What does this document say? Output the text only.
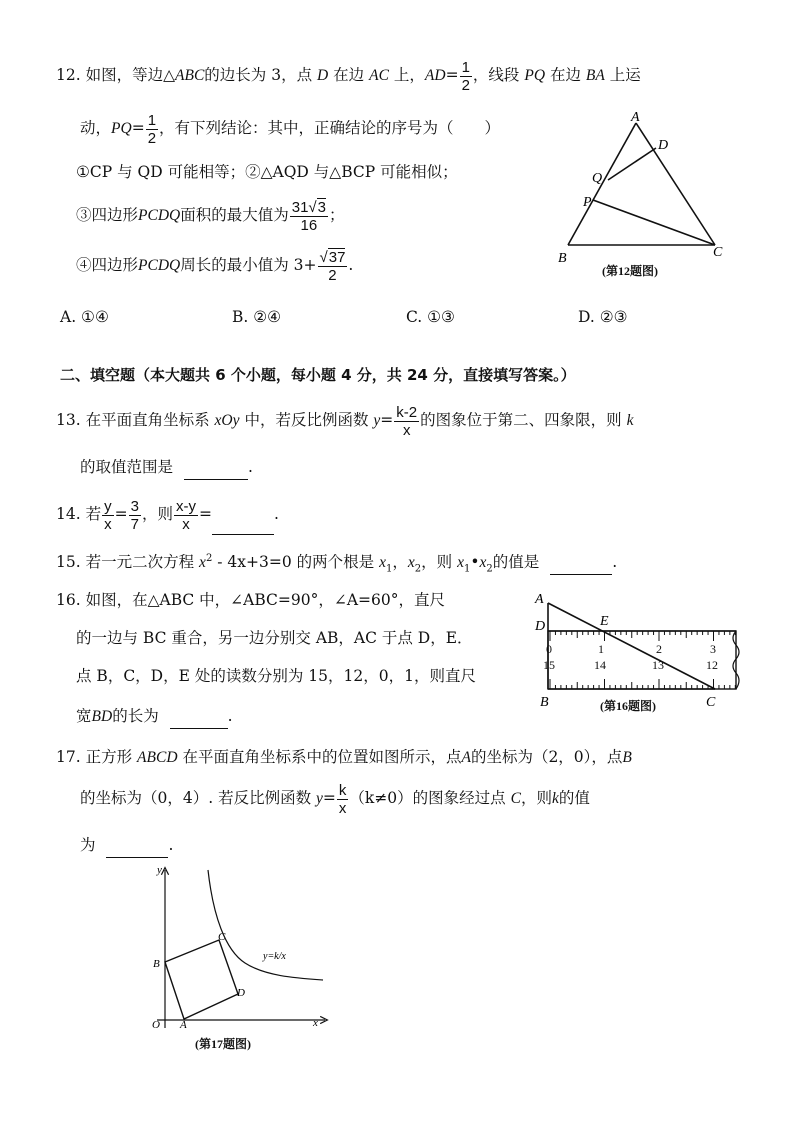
12. 如图，等边△ABC的边长为 3，点 D 在边 AC 上，$AD= \frac{1}{2}$ ，线段 PQ 在边 BA 上运
动，$PQ= \frac{1}{2}$ ，有下列结论：其中，正确结论的序号为（　　）
①CP 与 QD 可能相等；②△AQD 与△BCP 可能相似；
③四边形PCDQ面积的最大值为 $\frac{31√3}{16}$ ；
④四边形PCDQ周长的最小值为 $3+ \frac{√37}{2}$ .
A. ①④	B. ②④	C. ①③	D. ②③
A
D
Q
P
B	C
(第12题图)
二、填空题（本大题共 6 个小题，每小题 4 分，共 24 分，直接填写答案。）
13. 在平面直角坐标系 xOy 中，若反比例函数 $y= \frac{k-2}{x}$ 的图象位于第二、四象限，则 k
的取值范围是	.
14. 若 $\frac{y}{x} = \frac{3}{7}$ ，则 $\frac{x-y}{x}$ =	.
15. 若一元二次方程 $x^2 - 4x+3=0$ 的两个根是 $x_1$，$x_2$，则 $x_1•x_2$的值是	.
16. 如图，在△ABC 中，∠ABC=90°，∠A=60°，直尺
的一边与 BC 重合，另一边分别交 AB，AC 于点 D，E．
点 B，C，D，E 处的读数分别为 15，12，0，1，则直尺
宽BD的长为	.
0	1	2	3
15	14	13	12
A
D	E
B	C
(第16题图)
17. 正方形 ABCD 在平面直角坐标系中的位置如图所示，点A的坐标为（2，0），点B
的坐标为（0，4）. 若反比例函数 $y= \frac{k}{x} (k\ne 0)$的图象经过点 C，则k的值
为	.
y
x
O A
B
C
D
y=k/x
(第17题图)
